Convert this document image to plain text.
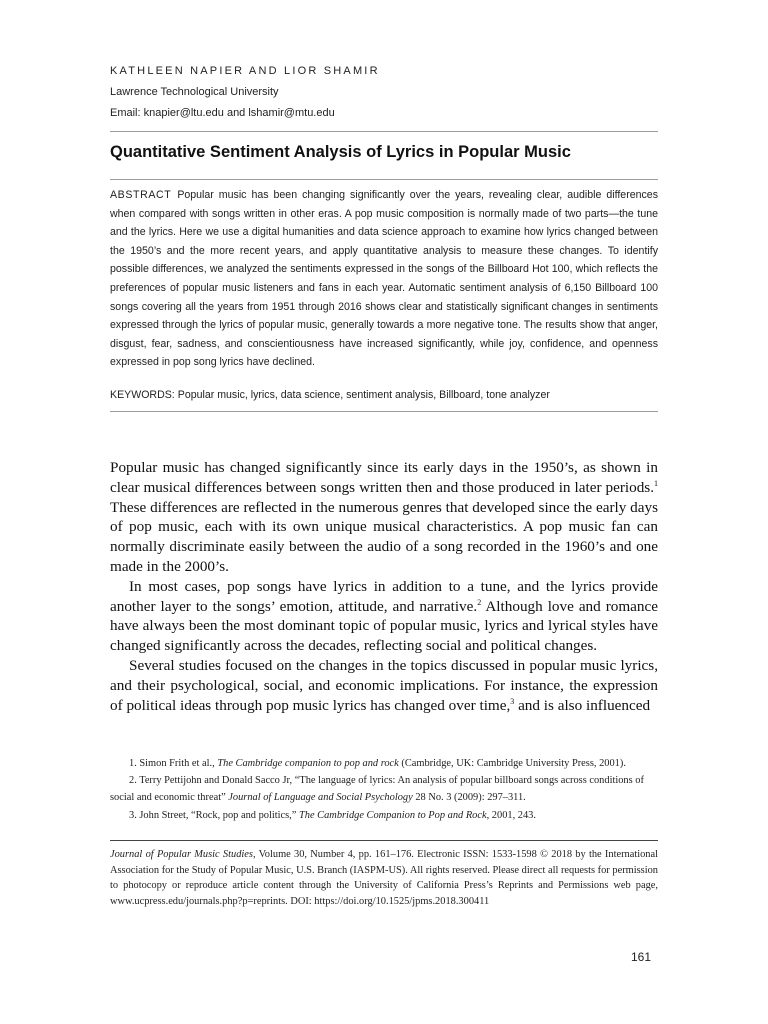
KATHLEEN NAPIER AND LIOR SHAMIR
Lawrence Technological University
Email: knapier@ltu.edu and lshamir@mtu.edu
Quantitative Sentiment Analysis of Lyrics in Popular Music

ABSTRACT Popular music has been changing significantly over the years, revealing clear, audible differences when compared with songs written in other eras. A pop music composition is normally made of two parts—the tune and the lyrics. Here we use a digital humanities and data science approach to examine how lyrics changed between the 1950’s and the more recent years, and apply quantitative analysis to measure these changes. To identify possible differences, we analyzed the sentiments expressed in the songs of the Billboard Hot 100, which reflects the preferences of popular music listeners and fans in each year. Automatic sentiment analysis of 6,150 Billboard 100 songs covering all the years from 1951 through 2016 shows clear and statistically significant changes in sentiments expressed through the lyrics of popular music, generally towards a more negative tone. The results show that anger, disgust, fear, sadness, and conscientiousness have increased significantly, while joy, confidence, and openness expressed in pop song lyrics have declined.

KEYWORDS: Popular music, lyrics, data science, sentiment analysis, Billboard, tone analyzer

Popular music has changed significantly since its early days in the 1950’s, as shown in clear musical differences between songs written then and those produced in later periods.$^1$ These differences are reflected in the numerous genres that developed since the early days of pop music, each with its own unique musical characteristics. A pop music fan can normally discriminate easily between the audio of a song recorded in the 1960’s and one made in the 2000’s.

In most cases, pop songs have lyrics in addition to a tune, and the lyrics provide another layer to the songs’ emotion, attitude, and narrative.$^2$ Although love and romance have always been the most dominant topic of popular music, lyrics and lyrical styles have changed significantly across the decades, reflecting social and political changes.

Several studies focused on the changes in the topics discussed in popular music lyrics, and their psychological, social, and economic implications. For instance, the expression of political ideas through pop music lyrics has changed over time,$^3$ and is also influenced

1. Simon Frith et al., The Cambridge companion to pop and rock (Cambridge, UK: Cambridge University Press, 2001).

2. Terry Pettijohn and Donald Sacco Jr, “The language of lyrics: An analysis of popular billboard songs across conditions of social and economic threat” Journal of Language and Social Psychology 28 No. 3 (2009): 297–311.

3. John Street, “Rock, pop and politics,” The Cambridge Companion to Pop and Rock, 2001, 243.

Journal of Popular Music Studies, Volume 30, Number 4, pp. 161–176. Electronic ISSN: 1533-1598 © 2018 by the International Association for the Study of Popular Music, U.S. Branch (IASPM-US). All rights reserved. Please direct all requests for permission to photocopy or reproduce article content through the University of California Press’s Reprints and Permissions web page, www.ucpress.edu/journals.php?p=reprints. DOI: https://doi.org/10.1525/jpms.2018.300411

161
